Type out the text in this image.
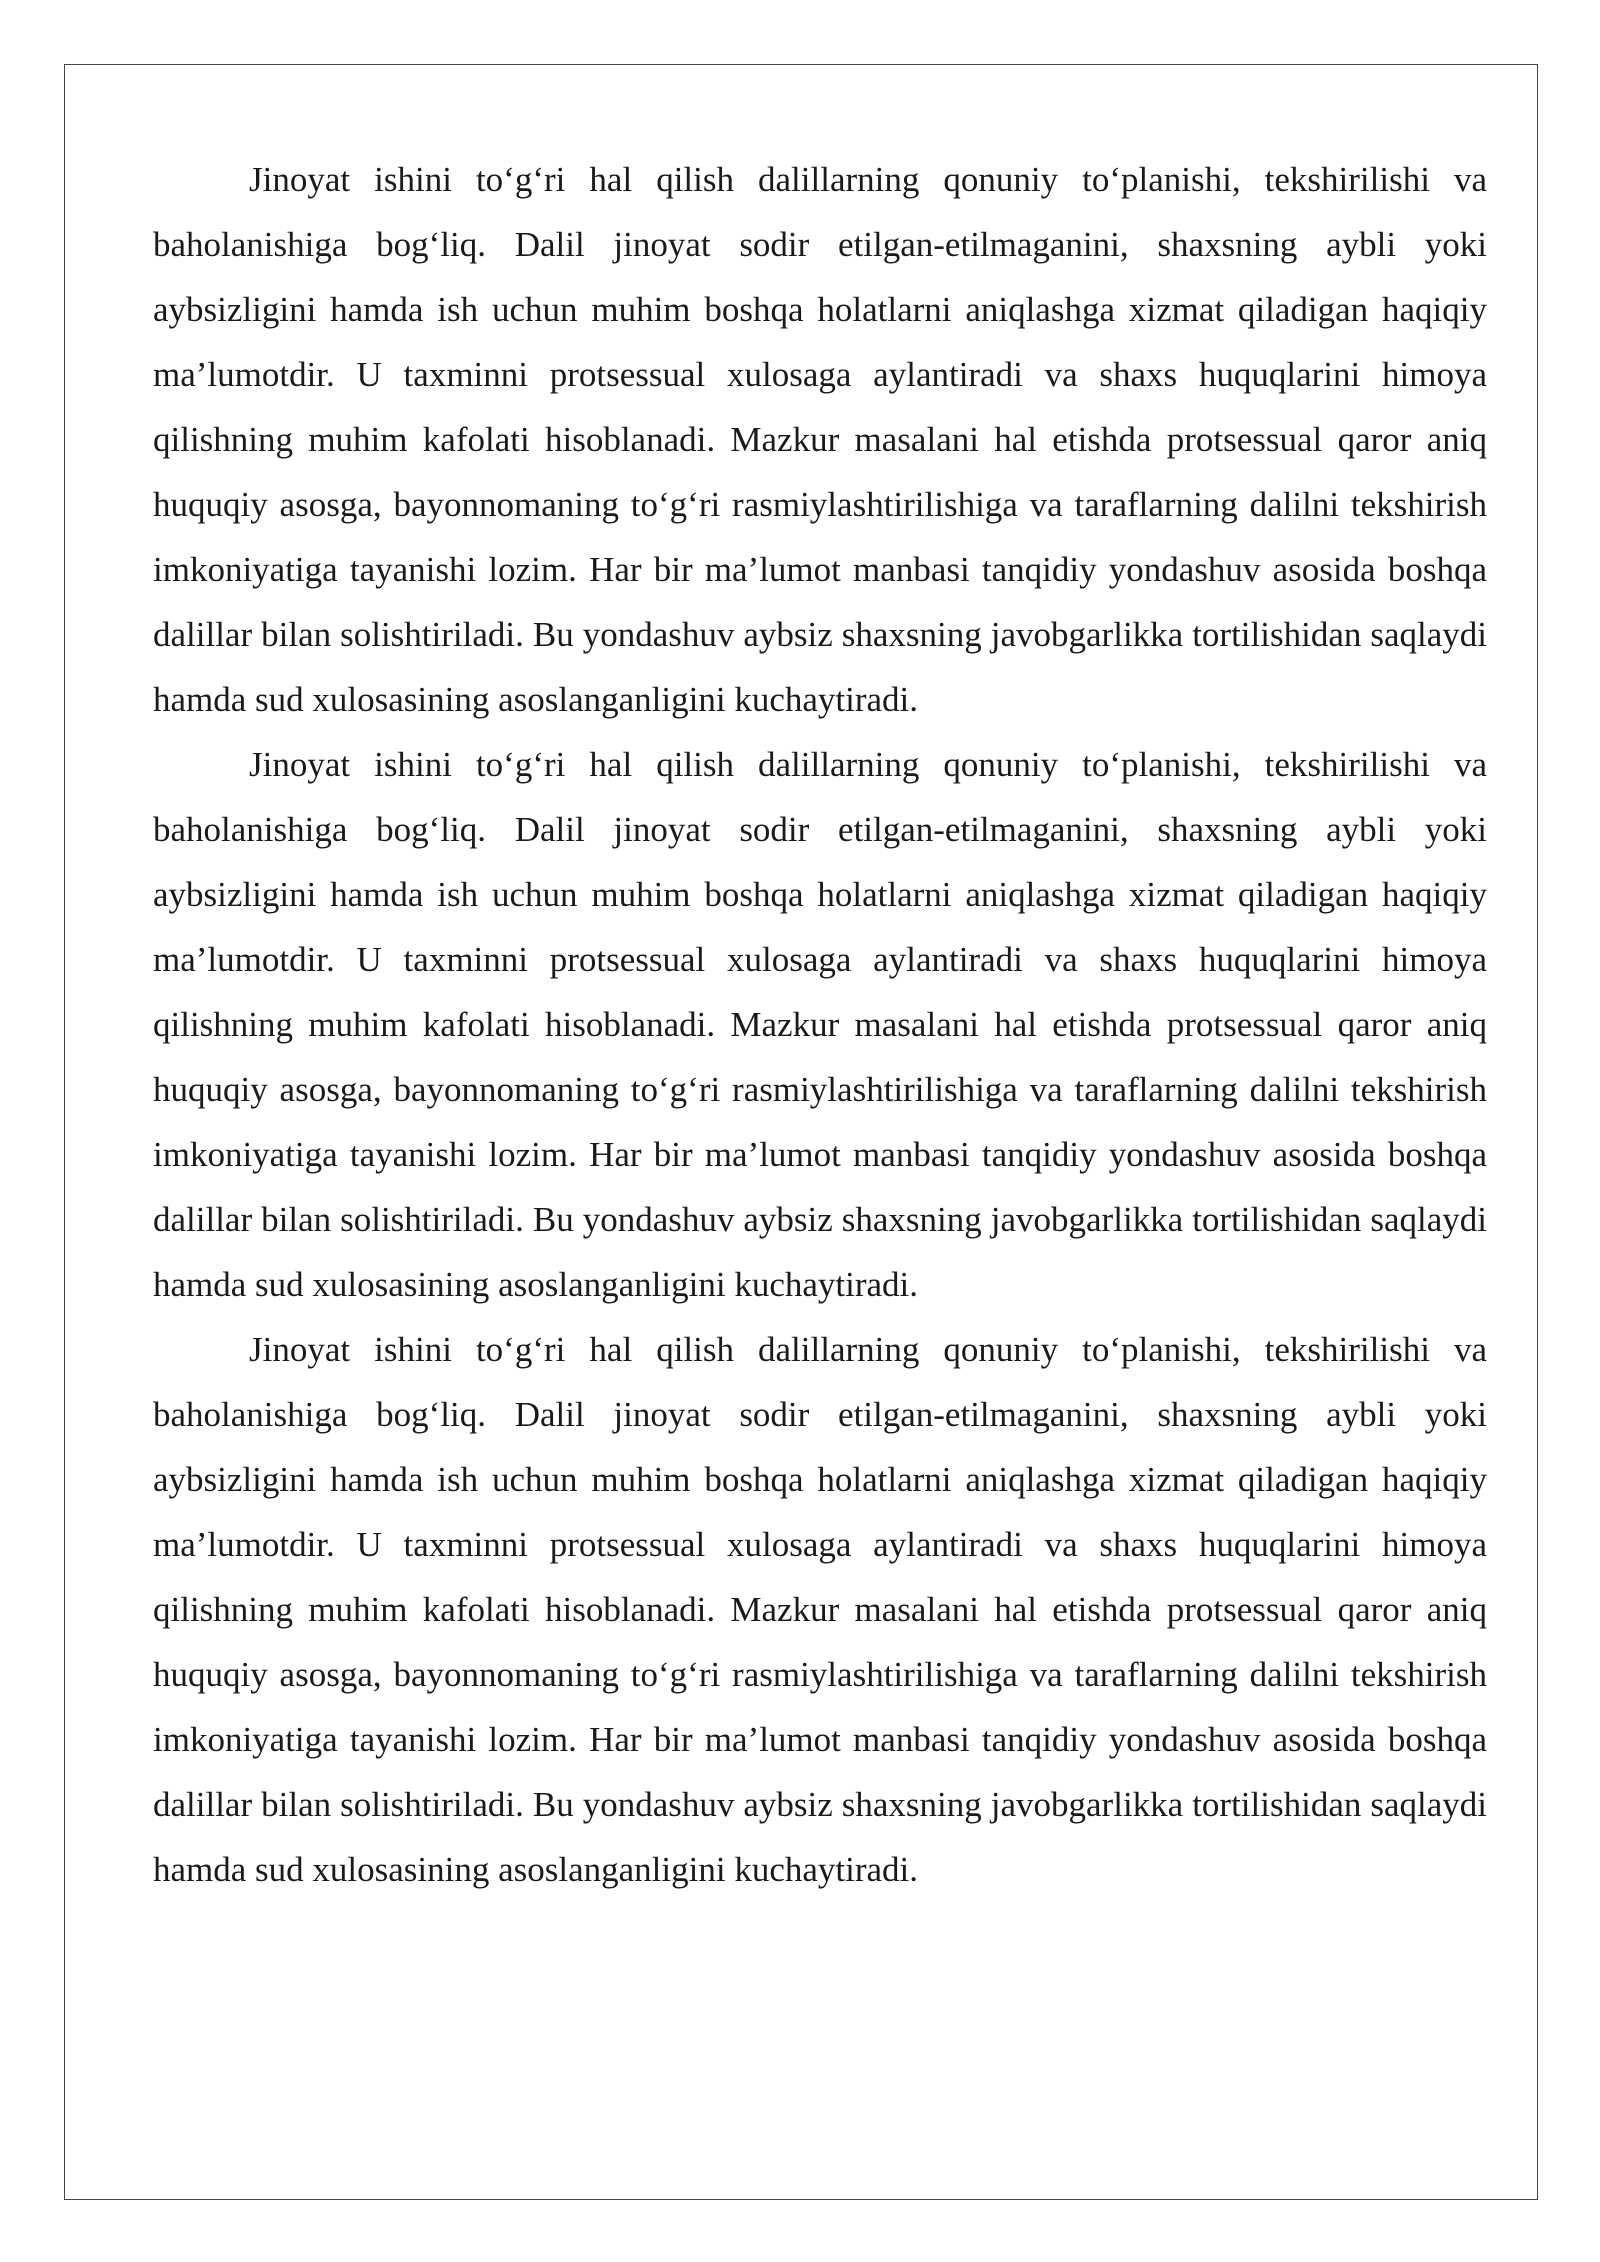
Jinoyat ishini to‘g‘ri hal qilish dalillarning qonuniy to‘planishi, tekshirilishi va baholanishiga bog‘liq. Dalil jinoyat sodir etilgan-etilmaganini, shaxsning aybli yoki aybsizligini hamda ish uchun muhim boshqa holatlarni aniqlashga xizmat qiladigan haqiqiy ma’lumotdir. U taxminni protsessual xulosaga aylantiradi va shaxs huquqlarini himoya qilishning muhim kafolati hisoblanadi. Mazkur masalani hal etishda protsessual qaror aniq huquqiy asosga, bayonnomaning to‘g‘ri rasmiylashtirilishiga va taraflarning dalilni tekshirish imkoniyatiga tayanishi lozim. Har bir ma’lumot manbasi tanqidiy yondashuv asosida boshqa dalillar bilan solishtiriladi. Bu yondashuv aybsiz shaxsning javobgarlikka tortilishidan saqlaydi hamda sud xulosasining asoslanganligini kuchaytiradi.

Jinoyat ishini to‘g‘ri hal qilish dalillarning qonuniy to‘planishi, tekshirilishi va baholanishiga bog‘liq. Dalil jinoyat sodir etilgan-etilmaganini, shaxsning aybli yoki aybsizligini hamda ish uchun muhim boshqa holatlarni aniqlashga xizmat qiladigan haqiqiy ma’lumotdir. U taxminni protsessual xulosaga aylantiradi va shaxs huquqlarini himoya qilishning muhim kafolati hisoblanadi. Mazkur masalani hal etishda protsessual qaror aniq huquqiy asosga, bayonnomaning to‘g‘ri rasmiylashtirilishiga va taraflarning dalilni tekshirish imkoniyatiga tayanishi lozim. Har bir ma’lumot manbasi tanqidiy yondashuv asosida boshqa dalillar bilan solishtiriladi. Bu yondashuv aybsiz shaxsning javobgarlikka tortilishidan saqlaydi hamda sud xulosasining asoslanganligini kuchaytiradi.

Jinoyat ishini to‘g‘ri hal qilish dalillarning qonuniy to‘planishi, tekshirilishi va baholanishiga bog‘liq. Dalil jinoyat sodir etilgan-etilmaganini, shaxsning aybli yoki aybsizligini hamda ish uchun muhim boshqa holatlarni aniqlashga xizmat qiladigan haqiqiy ma’lumotdir. U taxminni protsessual xulosaga aylantiradi va shaxs huquqlarini himoya qilishning muhim kafolati hisoblanadi. Mazkur masalani hal etishda protsessual qaror aniq huquqiy asosga, bayonnomaning to‘g‘ri rasmiylashtirilishiga va taraflarning dalilni tekshirish imkoniyatiga tayanishi lozim. Har bir ma’lumot manbasi tanqidiy yondashuv asosida boshqa dalillar bilan solishtiriladi. Bu yondashuv aybsiz shaxsning javobgarlikka tortilishidan saqlaydi hamda sud xulosasining asoslanganligini kuchaytiradi.
